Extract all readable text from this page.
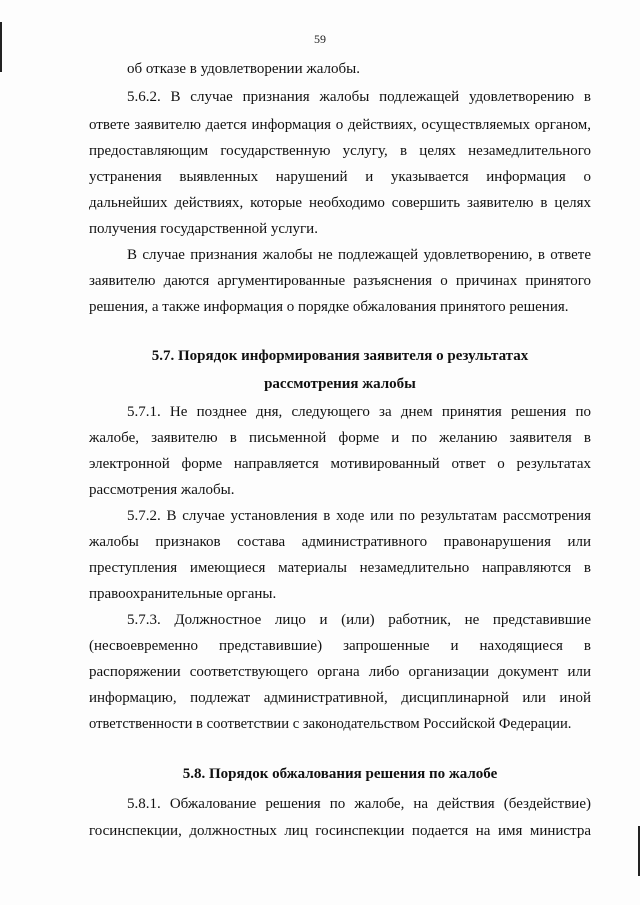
59
об отказе в удовлетворении жалобы.
5.6.2. В случае признания жалобы подлежащей удовлетворению в
ответе заявителю дается информация о действиях, осуществляемых органом,
предоставляющим государственную услугу, в целях незамедлительного
устранения выявленных нарушений и указывается информация о
дальнейших действиях, которые необходимо совершить заявителю в целях
получения государственной услуги.
В случае признания жалобы не подлежащей удовлетворению, в ответе
заявителю даются аргументированные разъяснения о причинах принятого
решения, а также информация о порядке обжалования принятого решения.
5.7. Порядок информирования заявителя о результатах
рассмотрения жалобы
5.7.1. Не позднее дня, следующего за днем принятия решения по
жалобе, заявителю в письменной форме и по желанию заявителя в
электронной форме направляется мотивированный ответ о результатах
рассмотрения жалобы.
5.7.2. В случае установления в ходе или по результатам рассмотрения
жалобы признаков состава административного правонарушения или
преступления имеющиеся материалы незамедлительно направляются в
правоохранительные органы.
5.7.3. Должностное лицо и (или) работник, не представившие
(несвоевременно представившие) запрошенные и находящиеся в
распоряжении соответствующего органа либо организации документ или
информацию, подлежат административной, дисциплинарной или иной
ответственности в соответствии с законодательством Российской Федерации.
5.8. Порядок обжалования решения по жалобе
5.8.1. Обжалование решения по жалобе, на действия (бездействие)
госинспекции, должностных лиц госинспекции подается на имя министра
